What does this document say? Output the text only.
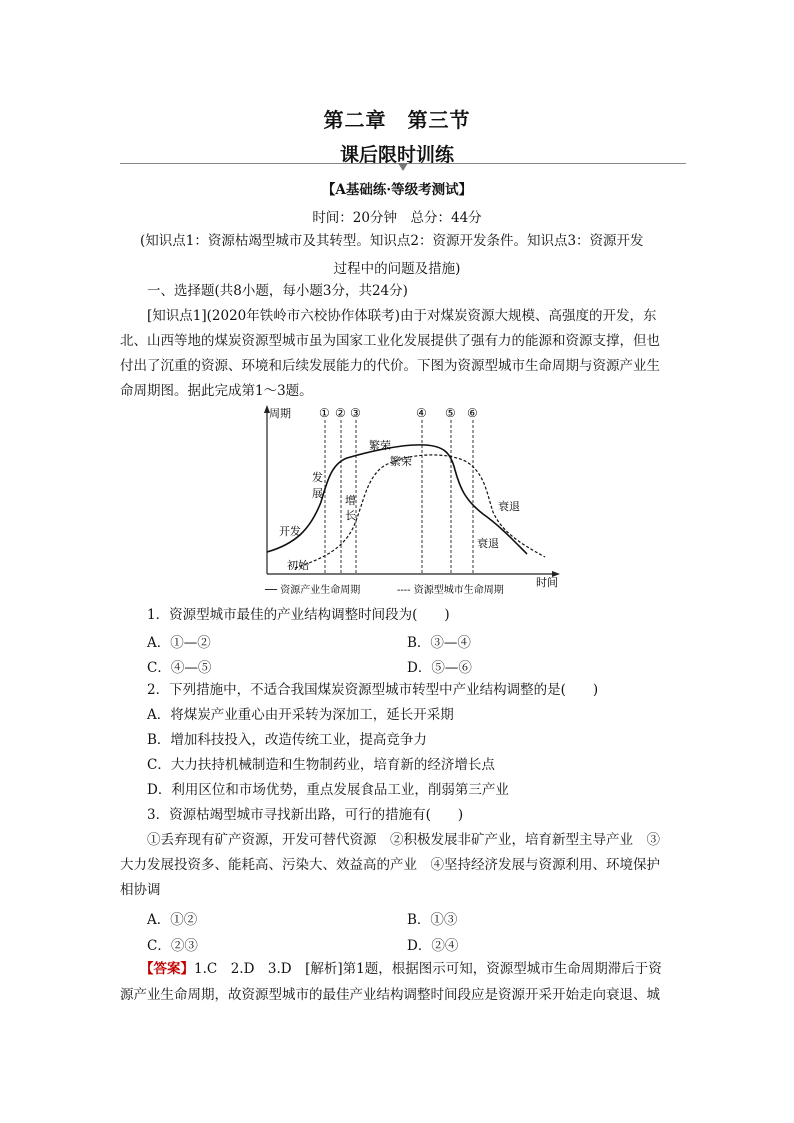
第二章　第三节
课后限时训练
【A基础练·等级考测试】
时间：20分钟　总分：44分
(知识点1：资源枯竭型城市及其转型。知识点2：资源开发条件。知识点3：资源开发
过程中的问题及措施)
一、选择题(共8小题，每小题3分，共24分)
[知识点1](2020年铁岭市六校协作体联考)由于对煤炭资源大规模、高强度的开发，东
北、山西等地的煤炭资源型城市虽为国家工业化发展提供了强有力的能源和资源支撑，但也
付出了沉重的资源、环境和后续发展能力的代价。下图为资源型城市生命周期与资源产业生
命周期图。据此完成第1～3题。
周期
时间
① ② ③	④ ⑤ ⑥
开发
初始
发
展
增
长
繁荣
繁荣
衰退
衰退
── 资源产业生命周期	---- 资源型城市生命周期
1．资源型城市最佳的产业结构调整时间段为(　　)
A．①—②	B．③—④
C．④—⑤	D．⑤—⑥
2．下列措施中，不适合我国煤炭资源型城市转型中产业结构调整的是(　　)
A．将煤炭产业重心由开采转为深加工，延长开采期
B．增加科技投入，改造传统工业，提高竞争力
C．大力扶持机械制造和生物制药业，培育新的经济增长点
D．利用区位和市场优势，重点发展食品工业，削弱第三产业
3．资源枯竭型城市寻找新出路，可行的措施有(　　)
①丢弃现有矿产资源，开发可替代资源　②积极发展非矿产业，培育新型主导产业　③
大力发展投资多、能耗高、污染大、效益高的产业　④坚持经济发展与资源利用、环境保护
相协调
A．①②	B．①③
C．②③	D．②④
【答案】1.C　2.D　3.D　[解析]第1题，根据图示可知，资源型城市生命周期滞后于资
源产业生命周期，故资源型城市的最佳产业结构调整时间段应是资源开采开始走向衰退、城
